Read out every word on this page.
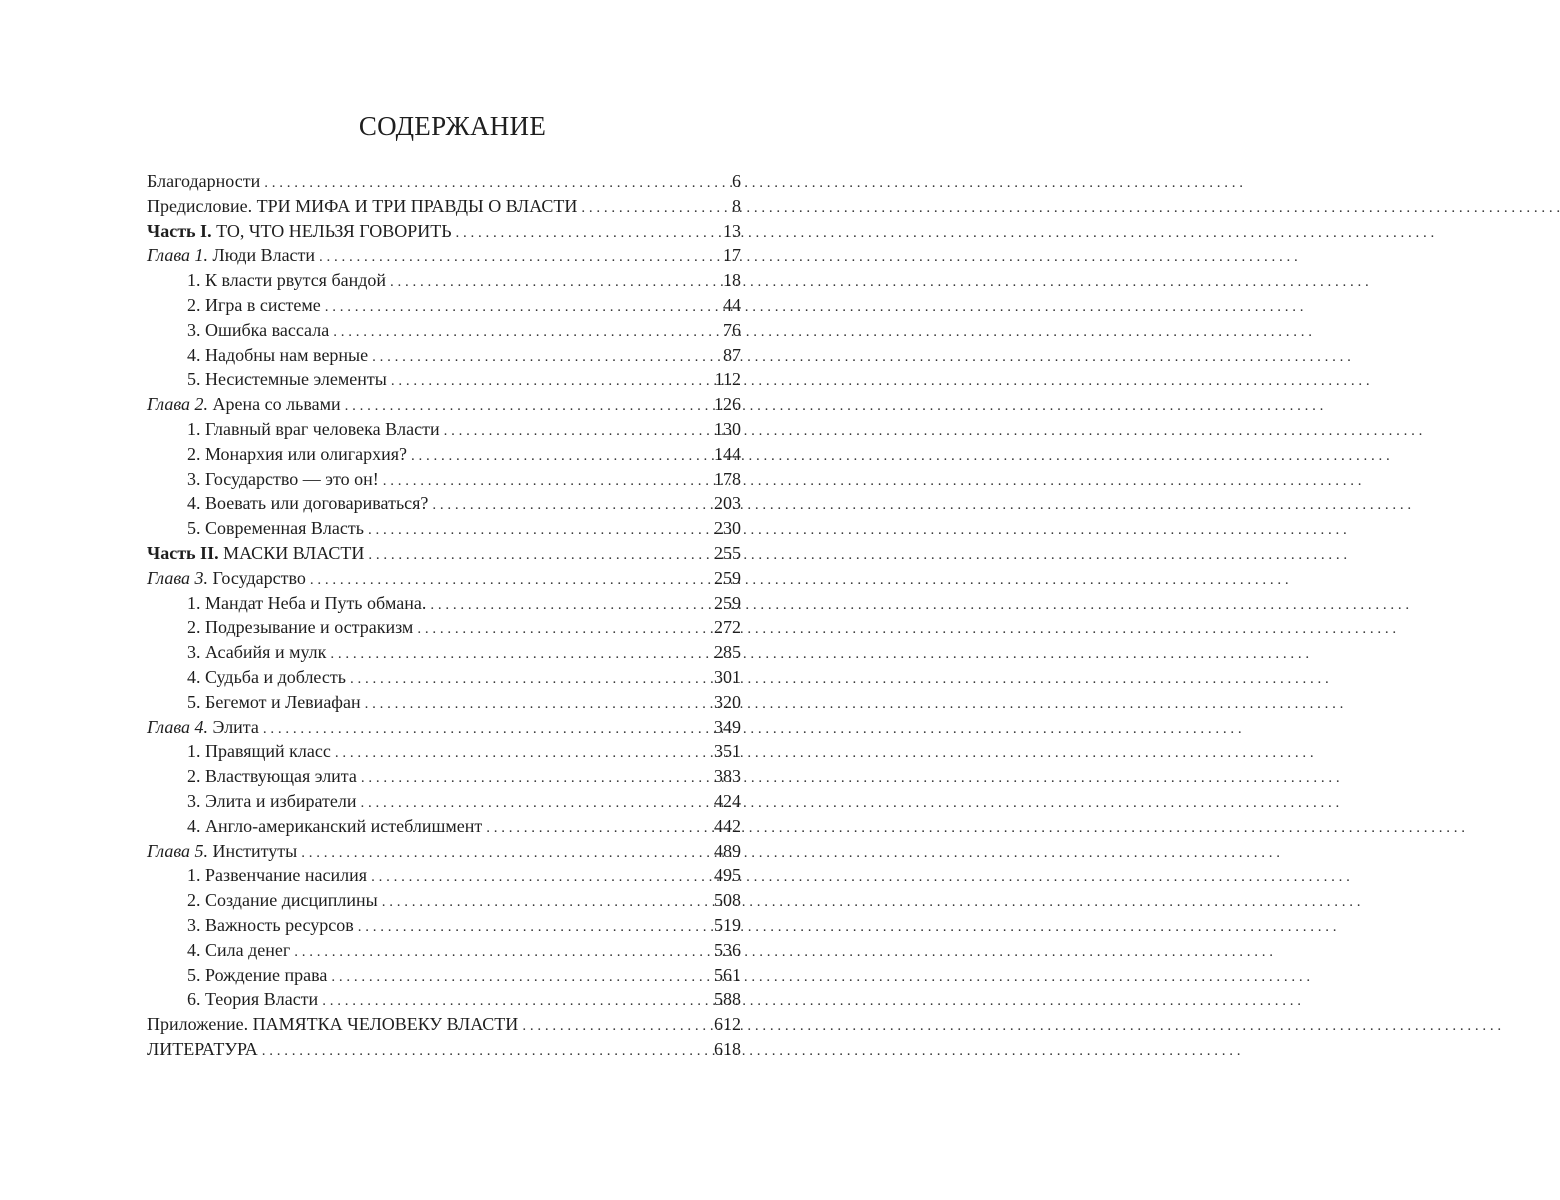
СОДЕРЖАНИЕ
Благодарности . . .	6
Предисловие. ТРИ МИФА И ТРИ ПРАВДЫ О ВЛАСТИ . . .	8
Часть I. ТО, ЧТО НЕЛЬЗЯ ГОВОРИТЬ . . .	13
Глава 1. Люди Власти . . .	17
1. К власти рвутся бандой . . .	18
2. Игра в системе . . .	44
3. Ошибка вассала . . .	76
4. Надобны нам верные . . .	87
5. Несистемные элементы . . .	112
Глава 2. Арена со львами . . .	126
1. Главный враг человека Власти . . .	130
2. Монархия или олигархия? . . .	144
3. Государство — это он! . . .	178
4. Воевать или договариваться? . . .	203
5. Современная Власть . . .	230
Часть II. МАСКИ ВЛАСТИ . . .	255
Глава 3. Государство . . .	259
1. Мандат Неба и Путь обмана. . . .	259
2. Подрезывание и остракизм . . .	272
3. Асабийя и мулк . . .	285
4. Судьба и доблесть . . .	301
5. Бегемот и Левиафан . . .	320
Глава 4. Элита . . .	349
1. Правящий класс . . .	351
2. Властвующая элита . . .	383
3. Элита и избиратели . . .	424
4. Англо-американский истеблишмент . . .	442
Глава 5. Институты . . .	489
1. Развенчание насилия . . .	495
2. Создание дисциплины . . .	508
3. Важность ресурсов . . .	519
4. Сила денег . . .	536
5. Рождение права . . .	561
6. Теория Власти . . .	588
Приложение. ПАМЯТКА ЧЕЛОВЕКУ ВЛАСТИ . . .	612
ЛИТЕРАТУРА . . .	618
